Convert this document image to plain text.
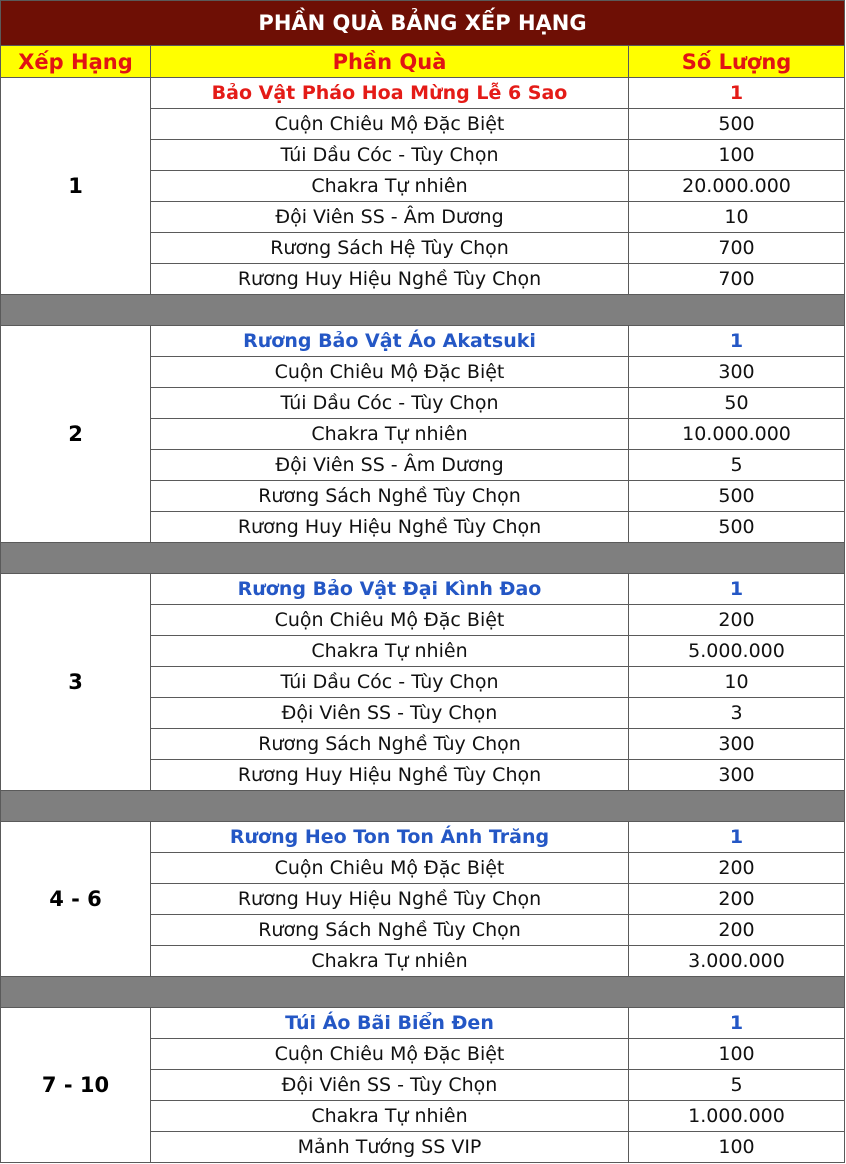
PHẦN QUÀ BẢNG XẾP HẠNG		
Xếp Hạng	Phần Quà	Số Lượng
1	Bảo Vật Pháo Hoa Mừng Lễ 6 Sao	1
	Cuộn Chiêu Mộ Đặc Biệt	500
	Túi Dầu Cóc - Tùy Chọn	100
	Chakra Tự nhiên	20.000.000
	Đội Viên SS - Âm Dương	10
	Rương Sách Hệ Tùy Chọn	700
	Rương Huy Hiệu Nghề Tùy Chọn	700

2	Rương Bảo Vật Áo Akatsuki	1
	Cuộn Chiêu Mộ Đặc Biệt	300
	Túi Dầu Cóc - Tùy Chọn	50
	Chakra Tự nhiên	10.000.000
	Đội Viên SS - Âm Dương	5
	Rương Sách Nghề Tùy Chọn	500
	Rương Huy Hiệu Nghề Tùy Chọn	500

3	Rương Bảo Vật Đại Kình Đao	1
	Cuộn Chiêu Mộ Đặc Biệt	200
	Chakra Tự nhiên	5.000.000
	Túi Dầu Cóc - Tùy Chọn	10
	Đội Viên SS - Tùy Chọn	3
	Rương Sách Nghề Tùy Chọn	300
	Rương Huy Hiệu Nghề Tùy Chọn	300

4 - 6	Rương Heo Ton Ton Ánh Trăng	1
	Cuộn Chiêu Mộ Đặc Biệt	200
	Rương Huy Hiệu Nghề Tùy Chọn	200
	Rương Sách Nghề Tùy Chọn	200
	Chakra Tự nhiên	3.000.000

7 - 10	Túi Áo Bãi Biển Đen	1
	Cuộn Chiêu Mộ Đặc Biệt	100
	Đội Viên SS - Tùy Chọn	5
	Chakra Tự nhiên	1.000.000
	Mảnh Tướng SS VIP	100
